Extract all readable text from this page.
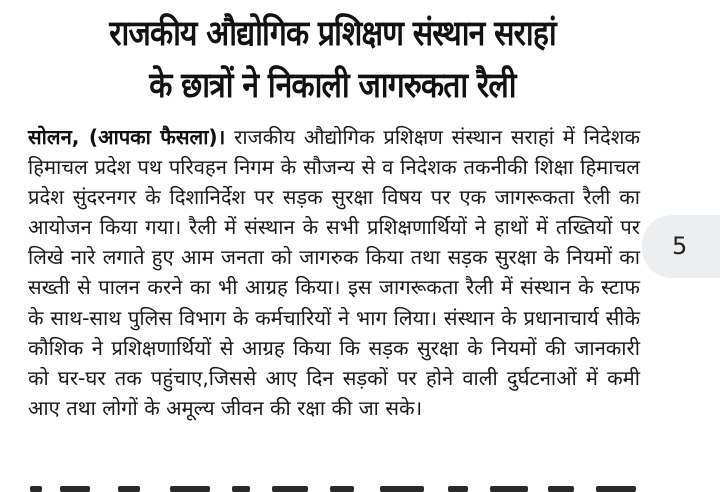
राजकीय औद्योगिक प्रशिक्षण संस्थान सराहां
के छात्रों ने निकाली जागरुकता रैली

सोलन, (आपका फैसला)। राजकीय औद्योगिक प्रशिक्षण संस्थान सराहां में निदेशक हिमाचल प्रदेश पथ परिवहन निगम के सौजन्य से व निदेशक तकनीकी शिक्षा हिमाचल प्रदेश सुंदरनगर के दिशानिर्देश पर सड़क सुरक्षा विषय पर एक जागरूकता रैली का आयोजन किया गया। रैली में संस्थान के सभी प्रशिक्षणार्थियों ने हाथों में तख्तियों पर लिखे नारे लगाते हुए आम जनता को जागरुक किया तथा सड़क सुरक्षा के नियमों का सख्ती से पालन करने का भी आग्रह किया। इस जागरूकता रैली में संस्थान के स्टाफ के साथ-साथ पुलिस विभाग के कर्मचारियों ने भाग लिया। संस्थान के प्रधानाचार्य सीके कौशिक ने प्रशिक्षणार्थियों से आग्रह किया कि सड़क सुरक्षा के नियमों की जानकारी को घर-घर तक पहुंचाए,जिससे आए दिन सड़कों पर होने वाली दुर्घटनाओं में कमी आए तथा लोगों के अमूल्य जीवन की रक्षा की जा सके।

5
